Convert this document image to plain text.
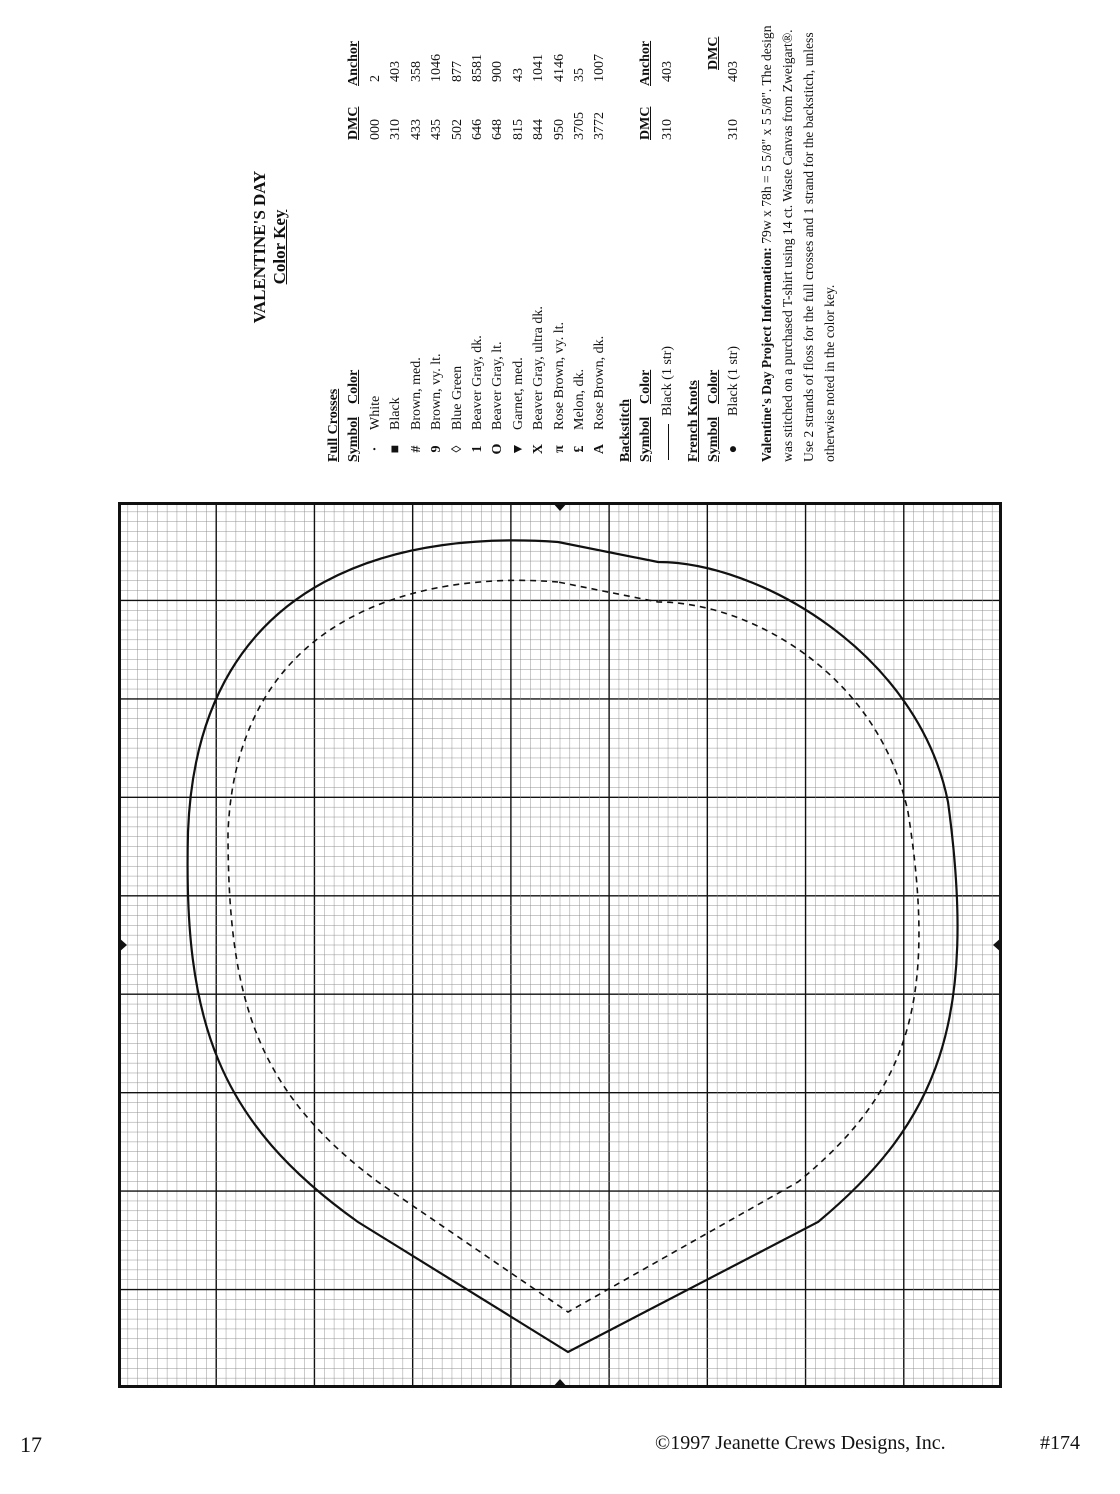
VALENTINE'S DAY Color Key
Full Crosses Symbol
Color
DMC
Anchor
·
White
000
2
■
Black
310
403
#
Brown, med.
433
358
9
Brown, vy. lt.
435
1046
◊
Blue Green
502
877
1
Beaver Gray, dk.
646
8581
O
Beaver Gray, lt.
648
900
▼
Garnet, med.
815
43
X
Beaver Gray, ultra dk.
844
1041
π
Rose Brown, vy. lt.
950
4146
£
Melon, dk.
3705
35
A
Rose Brown, dk.
3772
1007
Backstitch Symbol
Color
DMC
Anchor
Black (1 str)
310
403
French Knots Symbol
Color
DMC
●
Black (1 str)
310
403
Valentine's Day Project Information: 79w x 78h = 5 5/8" x 5 5/8". The design was stitched on a purchased T-shirt using 14 ct. Waste Canvas from Zweigart®. Use 2 strands of floss for the full crosses and 1 strand for the backstitch, unless otherwise noted in the color key.
17	©1997 Jeanette Crews Designs, Inc.	#174
